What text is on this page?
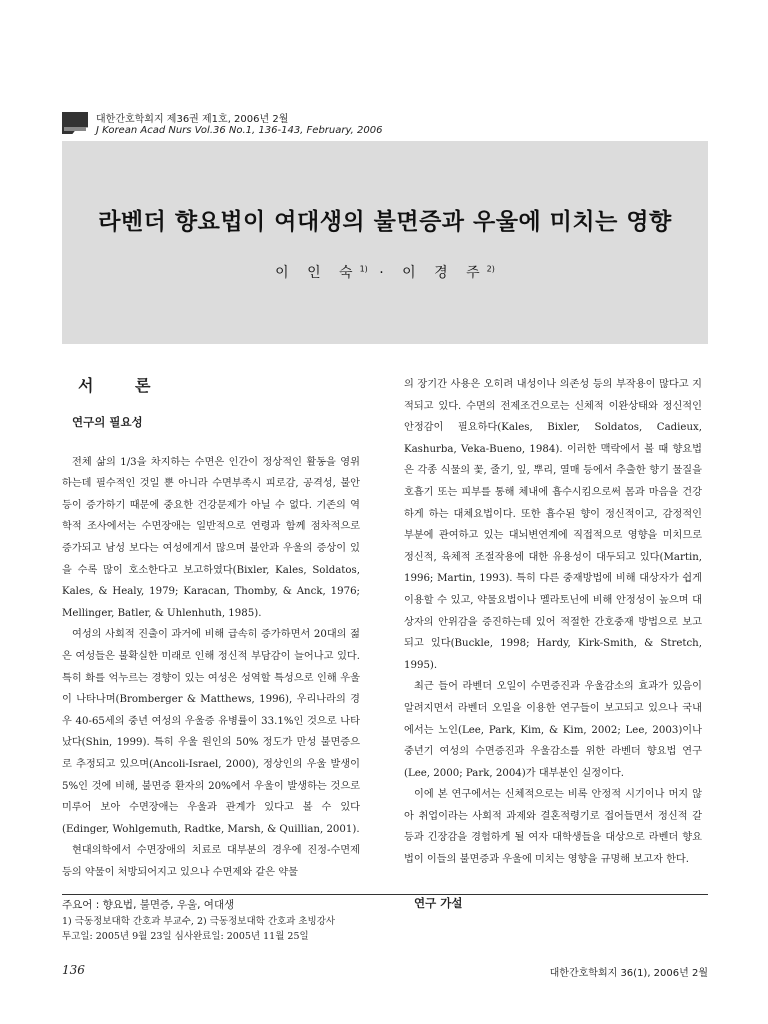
대한간호학회지 제36권 제1호, 2006년 2월
J Korean Acad Nurs Vol.36 No.1, 136-143, February, 2006
라벤더 향요법이 여대생의 불면증과 우울에 미치는 영향
이 인 숙$^{1)}$ · 이 경 주$^{2)}$
서 론
연구의 필요성

전체 삶의 1/3을 차지하는 수면은 인간이 정상적인 활동을 영위하는데 필수적인 것일 뿐 아니라 수면부족시 피로감, 공격성, 불안 등이 증가하기 때문에 중요한 건강문제가 아닐 수 없다. 기존의 역학적 조사에서는 수면장애는 일반적으로 연령과 함께 점차적으로 증가되고 남성 보다는 여성에게서 많으며 불안과 우울의 증상이 있을 수록 많이 호소한다고 보고하였다(Bixler, Kales, Soldatos, Kales, & Healy, 1979; Karacan, Thomby, & Anck, 1976; Mellinger, Batler, & Uhlenhuth, 1985).

여성의 사회적 진출이 과거에 비해 급속히 증가하면서 20대의 젊은 여성들은 불확실한 미래로 인해 정신적 부담감이 늘어나고 있다. 특히 화를 억누르는 경향이 있는 여성은 성역할 특성으로 인해 우울이 나타나며(Bromberger & Matthews, 1996), 우리나라의 경우 40-65세의 중년 여성의 우울증 유병률이 33.1%인 것으로 나타났다(Shin, 1999). 특히 우울 원인의 50% 정도가 만성 불면증으로 추정되고 있으며(Ancoli-Israel, 2000), 정상인의 우울 발생이 5%인 것에 비해, 불면증 환자의 20%에서 우울이 발생하는 것으로 미루어 보아 수면장애는 우울과 관계가 있다고 볼 수 있다(Edinger, Wohlgemuth, Radtke, Marsh, & Quillian, 2001).

현대의학에서 수면장애의 치료로 대부분의 경우에 진정-수면제 등의 약물이 처방되어지고 있으나 수면제와 같은 약물

의 장기간 사용은 오히려 내성이나 의존성 등의 부작용이 많다고 지적되고 있다. 수면의 전제조건으로는 신체적 이완상태와 정신적인 안정감이 필요하다(Kales, Bixler, Soldatos, Cadieux, Kashurba, Veka-Bueno, 1984). 이러한 맥락에서 볼 때 향요법은 각종 식물의 꽃, 줄기, 잎, 뿌리, 열매 등에서 추출한 향기 물질을 호흡기 또는 피부를 통해 체내에 흡수시킴으로써 몸과 마음을 건강하게 하는 대체요법이다. 또한 흡수된 향이 정신적이고, 감정적인 부분에 관여하고 있는 대뇌변연계에 직접적으로 영향을 미치므로 정신적, 육체적 조절작용에 대한 유용성이 대두되고 있다(Martin, 1996; Martin, 1993). 특히 다른 중재방법에 비해 대상자가 쉽게 이용할 수 있고, 약물요법이나 멜라토닌에 비해 안정성이 높으며 대상자의 안위감을 증진하는데 있어 적절한 간호중재 방법으로 보고되고 있다(Buckle, 1998; Hardy, Kirk-Smith, & Stretch, 1995).

최근 들어 라벤더 오일이 수면증진과 우울감소의 효과가 있음이 알려지면서 라벤더 오일을 이용한 연구들이 보고되고 있으나 국내에서는 노인(Lee, Park, Kim, & Kim, 2002; Lee, 2003)이나 중년기 여성의 수면증진과 우울감소를 위한 라벤더 향요법 연구(Lee, 2000; Park, 2004)가 대부분인 실정이다.

이에 본 연구에서는 신체적으로는 비록 안정적 시기이나 머지 않아 취업이라는 사회적 과제와 결혼적령기로 접어들면서 정신적 갈등과 긴장감을 경험하게 될 여자 대학생들을 대상으로 라벤더 향요법이 이들의 불면증과 우울에 미치는 영향을 규명해 보고자 한다.

연구 가설
주요어 : 향요법, 불면증, 우울, 여대생
1) 극동정보대학 간호과 부교수, 2) 극동정보대학 간호과 초빙강사
투고일: 2005년 9월 23일 심사완료일: 2005년 11월 25일
136	대한간호학회지 36(1), 2006년 2월
